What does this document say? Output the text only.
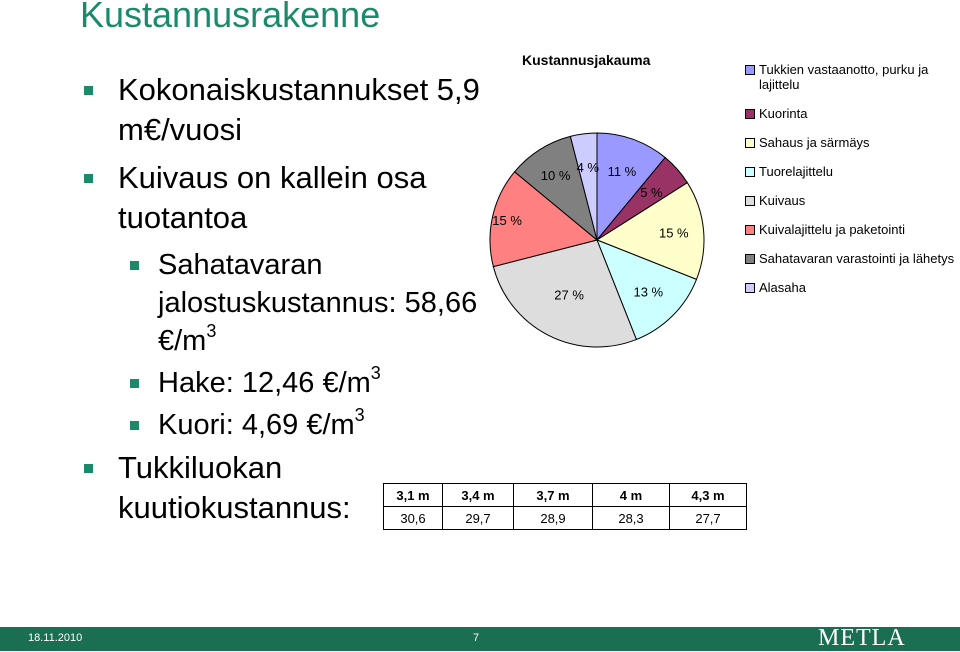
Kustannusrakenne
Kokonaiskustannukset 5,9 m€/vuosi
Kuivaus on kallein osa tuotantoa
Sahatavaran jalostuskustannus: 58,66 $€/m^3$
Hake: 12,46 $€/m^3$
Kuori: 4,69 $€/m^3$
Tukkiluokan kuutiokustannus:
Kustannusjakauma
11 %
5 %
15 %
13 %
27 %
15 %
10 %
4 %
Tukkien vastaanotto, purku ja lajittelu
Kuorinta
Sahaus ja särmäys
Tuorelajittelu
Kuivaus
Kuivalajittelu ja paketointi
Sahatavaran varastointi ja lähetys
Alasaha
3,1 m	3,4 m	3,7 m	4 m	4,3 m
30,6	29,7	28,9	28,3	27,7
18.11.2010	7	METLA
